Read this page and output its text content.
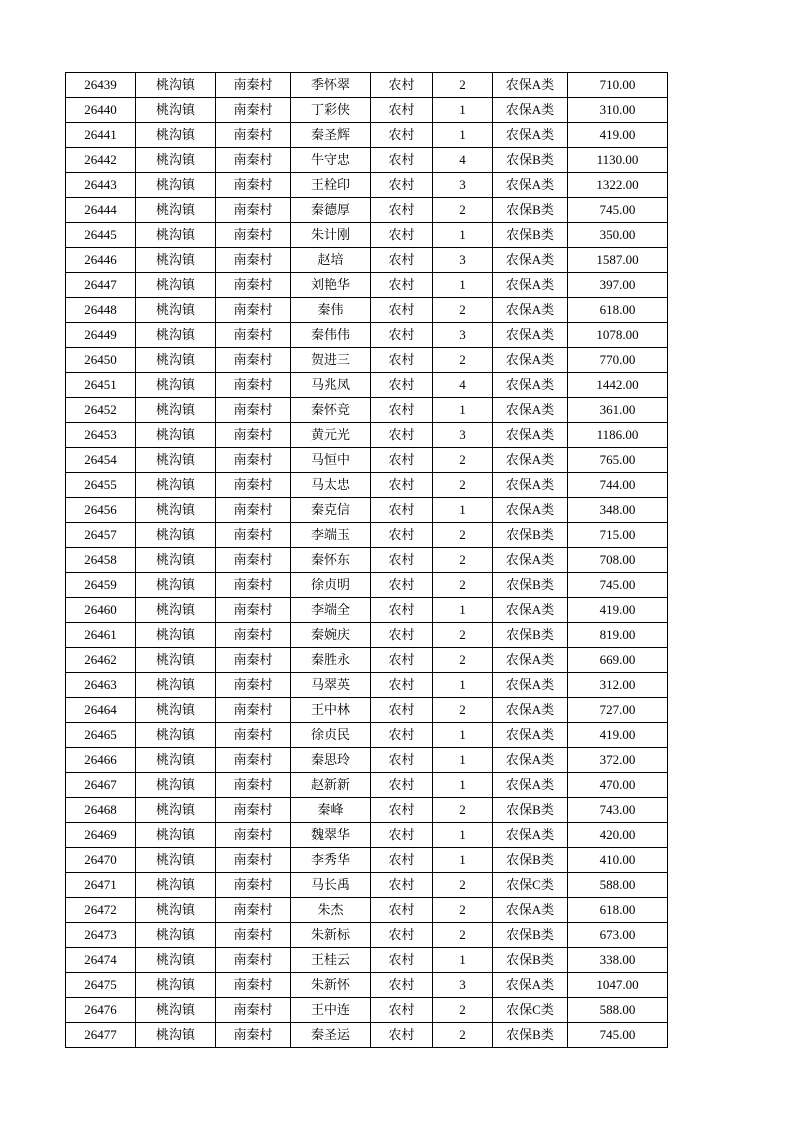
26439	桃沟镇	南秦村	季怀翠	农村	2	农保A类	710.00
26440	桃沟镇	南秦村	丁彩侠	农村	1	农保A类	310.00
26441	桃沟镇	南秦村	秦圣辉	农村	1	农保A类	419.00
26442	桃沟镇	南秦村	牛守忠	农村	4	农保B类	1130.00
26443	桃沟镇	南秦村	王栓印	农村	3	农保A类	1322.00
26444	桃沟镇	南秦村	秦德厚	农村	2	农保B类	745.00
26445	桃沟镇	南秦村	朱计刚	农村	1	农保B类	350.00
26446	桃沟镇	南秦村	赵培	农村	3	农保A类	1587.00
26447	桃沟镇	南秦村	刘艳华	农村	1	农保A类	397.00
26448	桃沟镇	南秦村	秦伟	农村	2	农保A类	618.00
26449	桃沟镇	南秦村	秦伟伟	农村	3	农保A类	1078.00
26450	桃沟镇	南秦村	贺进三	农村	2	农保A类	770.00
26451	桃沟镇	南秦村	马兆凤	农村	4	农保A类	1442.00
26452	桃沟镇	南秦村	秦怀竞	农村	1	农保A类	361.00
26453	桃沟镇	南秦村	黄元光	农村	3	农保A类	1186.00
26454	桃沟镇	南秦村	马恒中	农村	2	农保A类	765.00
26455	桃沟镇	南秦村	马太忠	农村	2	农保A类	744.00
26456	桃沟镇	南秦村	秦克信	农村	1	农保A类	348.00
26457	桃沟镇	南秦村	李端玉	农村	2	农保B类	715.00
26458	桃沟镇	南秦村	秦怀东	农村	2	农保A类	708.00
26459	桃沟镇	南秦村	徐贞明	农村	2	农保B类	745.00
26460	桃沟镇	南秦村	李端全	农村	1	农保A类	419.00
26461	桃沟镇	南秦村	秦婉庆	农村	2	农保B类	819.00
26462	桃沟镇	南秦村	秦胜永	农村	2	农保A类	669.00
26463	桃沟镇	南秦村	马翠英	农村	1	农保A类	312.00
26464	桃沟镇	南秦村	王中林	农村	2	农保A类	727.00
26465	桃沟镇	南秦村	徐贞民	农村	1	农保A类	419.00
26466	桃沟镇	南秦村	秦思玲	农村	1	农保A类	372.00
26467	桃沟镇	南秦村	赵新新	农村	1	农保A类	470.00
26468	桃沟镇	南秦村	秦峰	农村	2	农保B类	743.00
26469	桃沟镇	南秦村	魏翠华	农村	1	农保A类	420.00
26470	桃沟镇	南秦村	李秀华	农村	1	农保B类	410.00
26471	桃沟镇	南秦村	马长禹	农村	2	农保C类	588.00
26472	桃沟镇	南秦村	朱杰	农村	2	农保A类	618.00
26473	桃沟镇	南秦村	朱新标	农村	2	农保B类	673.00
26474	桃沟镇	南秦村	王桂云	农村	1	农保B类	338.00
26475	桃沟镇	南秦村	朱新怀	农村	3	农保A类	1047.00
26476	桃沟镇	南秦村	王中连	农村	2	农保C类	588.00
26477	桃沟镇	南秦村	秦圣运	农村	2	农保B类	745.00
